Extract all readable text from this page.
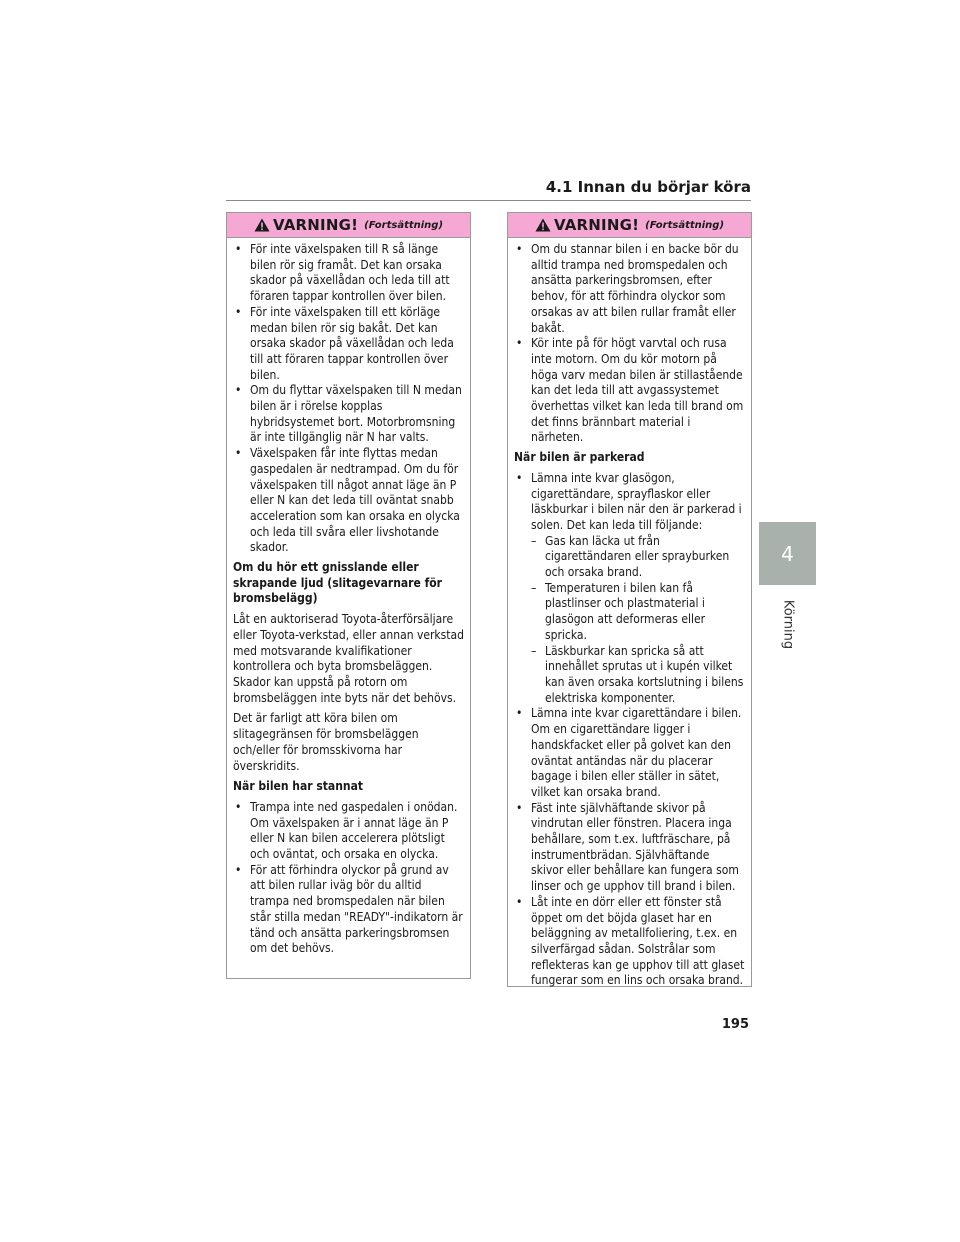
4.1 Innan du börjar köra
4
Körning
195
VARNING! (Fortsättning)
• För inte växelspaken till R så länge bilen rör sig framåt. Det kan orsaka skador på växellådan och leda till att föraren tappar kontrollen över bilen.
• För inte växelspaken till ett körläge medan bilen rör sig bakåt. Det kan orsaka skador på växellådan och leda till att föraren tappar kontrollen över bilen.
• Om du flyttar växelspaken till N medan bilen är i rörelse kopplas hybridsystemet bort. Motorbromsning är inte tillgänglig när N har valts.
• Växelspaken får inte flyttas medan gaspedalen är nedtrampad. Om du för växelspaken till något annat läge än P eller N kan det leda till oväntat snabb acceleration som kan orsaka en olycka och leda till svåra eller livshotande skador.

Om du hör ett gnisslande eller skrapande ljud (slitagevarnare för bromsbelägg)

Låt en auktoriserad Toyota-återförsäljare eller Toyota-verkstad, eller annan verkstad med motsvarande kvalifikationer kontrollera och byta bromsbeläggen. Skador kan uppstå på rotorn om bromsbeläggen inte byts när det behövs.

Det är farligt att köra bilen om slitagegränsen för bromsbeläggen och/eller för bromsskivorna har överskridits.

När bilen har stannat

• Trampa inte ned gaspedalen i onödan. Om växelspaken är i annat läge än P eller N kan bilen accelerera plötsligt och oväntat, och orsaka en olycka.
• För att förhindra olyckor på grund av att bilen rullar iväg bör du alltid trampa ned bromspedalen när bilen står stilla medan "READY"-indikatorn är tänd och ansätta parkeringsbromsen om det behövs.
VARNING! (Fortsättning)
• Om du stannar bilen i en backe bör du alltid trampa ned bromspedalen och ansätta parkeringsbromsen, efter behov, för att förhindra olyckor som orsakas av att bilen rullar framåt eller bakåt.
• Kör inte på för högt varvtal och rusa inte motorn. Om du kör motorn på höga varv medan bilen är stillastående kan det leda till att avgassystemet överhettas vilket kan leda till brand om det finns brännbart material i närheten.

När bilen är parkerad

• Lämna inte kvar glasögon, cigarettändare, sprayflaskor eller läskburkar i bilen när den är parkerad i solen. Det kan leda till följande:
– Gas kan läcka ut från cigarettändaren eller sprayburken och orsaka brand.
– Temperaturen i bilen kan få plastlinser och plastmaterial i glasögon att deformeras eller spricka.
– Läskburkar kan spricka så att innehållet sprutas ut i kupén vilket kan även orsaka kortslutning i bilens elektriska komponenter.
• Lämna inte kvar cigarettändare i bilen. Om en cigarettändare ligger i handskfacket eller på golvet kan den oväntat antändas när du placerar bagage i bilen eller ställer in sätet, vilket kan orsaka brand.
• Fäst inte självhäftande skivor på vindrutan eller fönstren. Placera inga behållare, som t.ex. luftfräschare, på instrumentbrädan. Självhäftande skivor eller behållare kan fungera som linser och ge upphov till brand i bilen.
• Låt inte en dörr eller ett fönster stå öppet om det böjda glaset har en beläggning av metallfoliering, t.ex. en silverfärgad sådan. Solstrålar som reflekteras kan ge upphov till att glaset fungerar som en lins och orsaka brand.
